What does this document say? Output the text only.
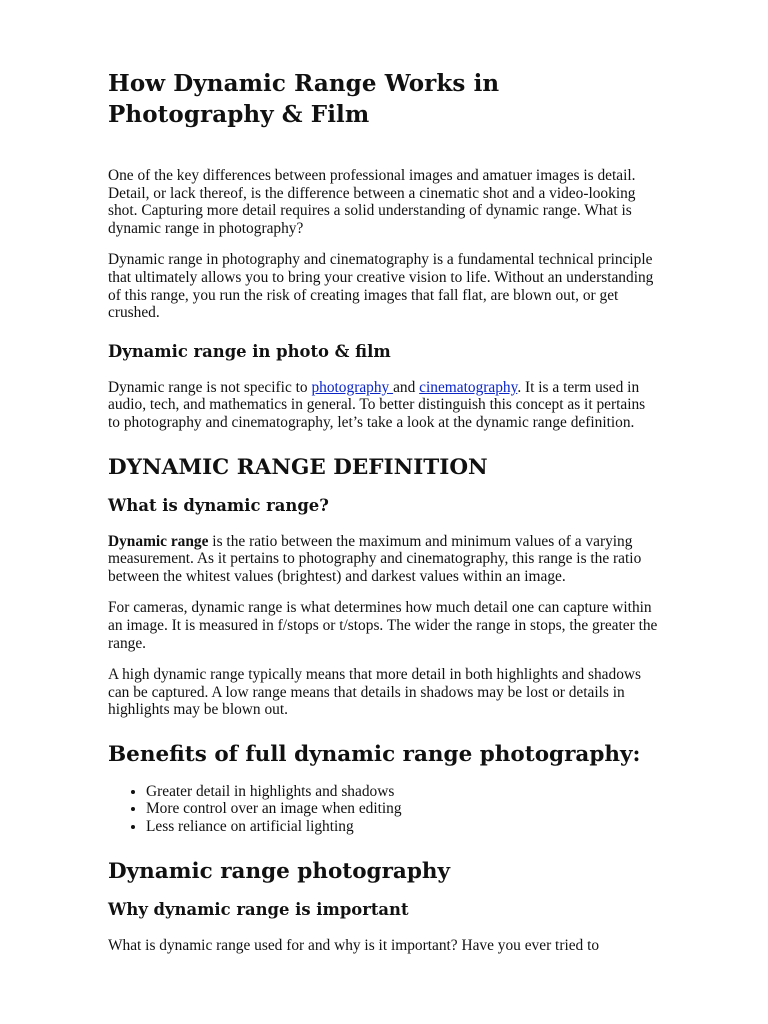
How Dynamic Range Works in Photography & Film

One of the key differences between professional images and amatuer images is detail. Detail, or lack thereof, is the difference between a cinematic shot and a video-looking shot. Capturing more detail requires a solid understanding of dynamic range. What is dynamic range in photography?

Dynamic range in photography and cinematography is a fundamental technical principle that ultimately allows you to bring your creative vision to life. Without an understanding of this range, you run the risk of creating images that fall flat, are blown out, or get crushed.

Dynamic range in photo & film

Dynamic range is not specific to photography and cinematography. It is a term used in audio, tech, and mathematics in general. To better distinguish this concept as it pertains to photography and cinematography, let’s take a look at the dynamic range definition.

DYNAMIC RANGE DEFINITION
What is dynamic range?

Dynamic range is the ratio between the maximum and minimum values of a varying measurement. As it pertains to photography and cinematography, this range is the ratio between the whitest values (brightest) and darkest values within an image.

For cameras, dynamic range is what determines how much detail one can capture within an image. It is measured in f/stops or t/stops. The wider the range in stops, the greater the range.

A high dynamic range typically means that more detail in both highlights and shadows can be captured. A low range means that details in shadows may be lost or details in highlights may be blown out.

Benefits of full dynamic range photography:
• Greater detail in highlights and shadows
• More control over an image when editing
• Less reliance on artificial lighting
Dynamic range photography
Why dynamic range is important

What is dynamic range used for and why is it important? Have you ever tried to
